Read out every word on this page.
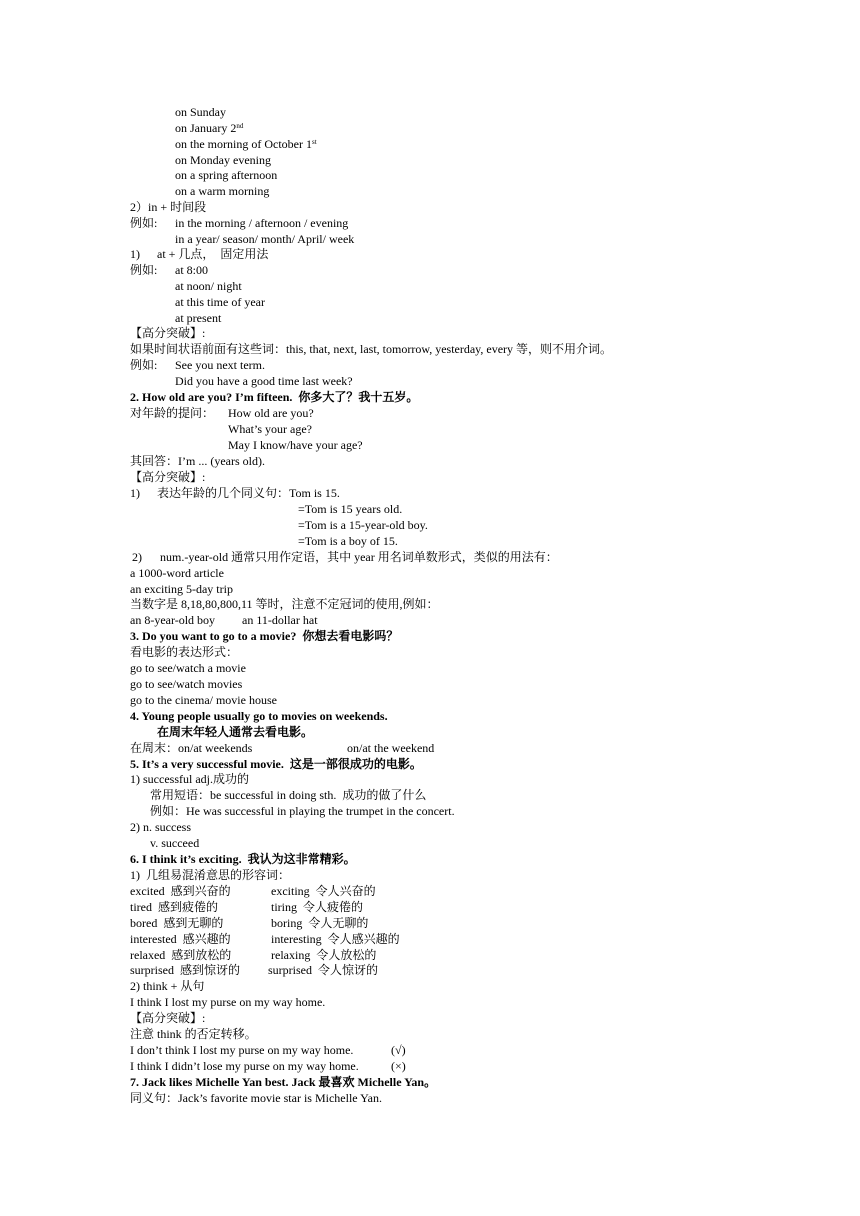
on Sunday
on January 2nd
on the morning of October 1st
on Monday evening
on a spring afternoon
on a warm morning
2）in + 时间段
例如: in the morning / afternoon / evening
in a year/ season/ month/ April/ week
1) at + 几点，  固定用法
例如: at 8:00
at noon/ night
at this time of year
at present
【高分突破】:
如果时间状语前面有这些词：this, that, next, last, tomorrow, yesterday, every 等，则不用介词。
例如: See you next term.
Did you have a good time last week?
2. How old are you? I’m fifteen.  你多大了？我十五岁。
对年龄的提问： How old are you?
What’s your age?
May I know/have your age?
其回答：I’m ... (years old).
【高分突破】:
1) 表达年龄的几个同义句：Tom is 15.
=Tom is 15 years old.
=Tom is a 15-year-old boy.
=Tom is a boy of 15.
2) num.-year-old 通常只用作定语，其中 year 用名词单数形式，类似的用法有：
a 1000-word article
an exciting 5-day trip
当数字是 8,18,80,800,11 等时，注意不定冠词的使用,例如：
an 8-year-old boy an 11-dollar hat
3. Do you want to go to a movie?  你想去看电影吗？
看电影的表达形式：
go to see/watch a movie
go to see/watch movies
go to the cinema/ movie house
4. Young people usually go to movies on weekends.
在周末年轻人通常去看电影。
在周末：on/at weekends	on/at the weekend
5. It’s a very successful movie.  这是一部很成功的电影。
1) successful adj.成功的
常用短语：be successful in doing sth.  成功的做了什么
例如：He was successful in playing the trumpet in the concert.
2) n. success
v. succeed
6. I think it’s exciting.  我认为这非常精彩。
1)  几组易混淆意思的形容词：
excited  感到兴奋的	exciting  令人兴奋的
tired  感到疲倦的	tiring  令人疲倦的
bored  感到无聊的	boring  令人无聊的
interested  感兴趣的	interesting  令人感兴趣的
relaxed  感到放松的	relaxing  令人放松的
surprised  感到惊讶的 surprised  令人惊讶的
2) think + 从句
I think I lost my purse on my way home.
【高分突破】:
注意 think 的否定转移。
I don’t think I lost my purse on my way home.	(√)
I think I didn’t lose my purse on my way home.	(×)
7. Jack likes Michelle Yan best. Jack 最喜欢 Michelle Yan。
同义句：Jack’s favorite movie star is Michelle Yan.
